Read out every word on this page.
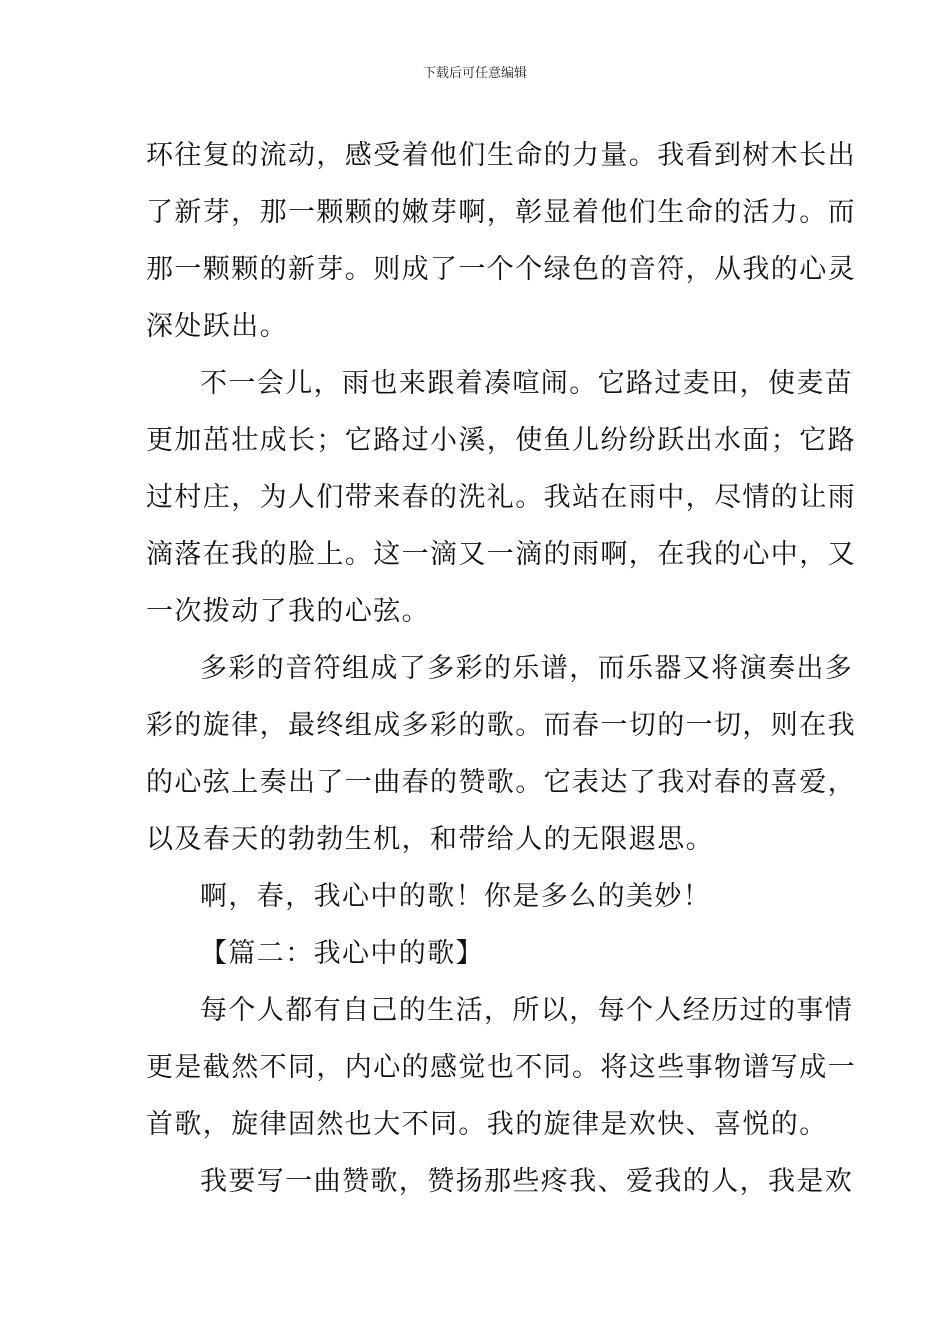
下载后可任意编辑

环往复的流动，感受着他们生命的力量。我看到树木长出
了新芽，那一颗颗的嫩芽啊，彰显着他们生命的活力。而
那一颗颗的新芽。则成了一个个绿色的音符，从我的心灵
深处跃出。

不一会儿，雨也来跟着凑喧闹。它路过麦田，使麦苗
更加茁壮成长；它路过小溪，使鱼儿纷纷跃出水面；它路
过村庄，为人们带来春的洗礼。我站在雨中，尽情的让雨
滴落在我的脸上。这一滴又一滴的雨啊，在我的心中，又
一次拨动了我的心弦。

多彩的音符组成了多彩的乐谱，而乐器又将演奏出多
彩的旋律，最终组成多彩的歌。而春一切的一切，则在我
的心弦上奏出了一曲春的赞歌。它表达了我对春的喜爱，
以及春天的勃勃生机，和带给人的无限遐思。

啊，春，我心中的歌！你是多么的美妙！

【篇二：我心中的歌】

每个人都有自己的生活，所以，每个人经历过的事情
更是截然不同，内心的感觉也不同。将这些事物谱写成一
首歌，旋律固然也大不同。我的旋律是欢快、喜悦的。

我要写一曲赞歌，赞扬那些疼我、爱我的人，我是欢
